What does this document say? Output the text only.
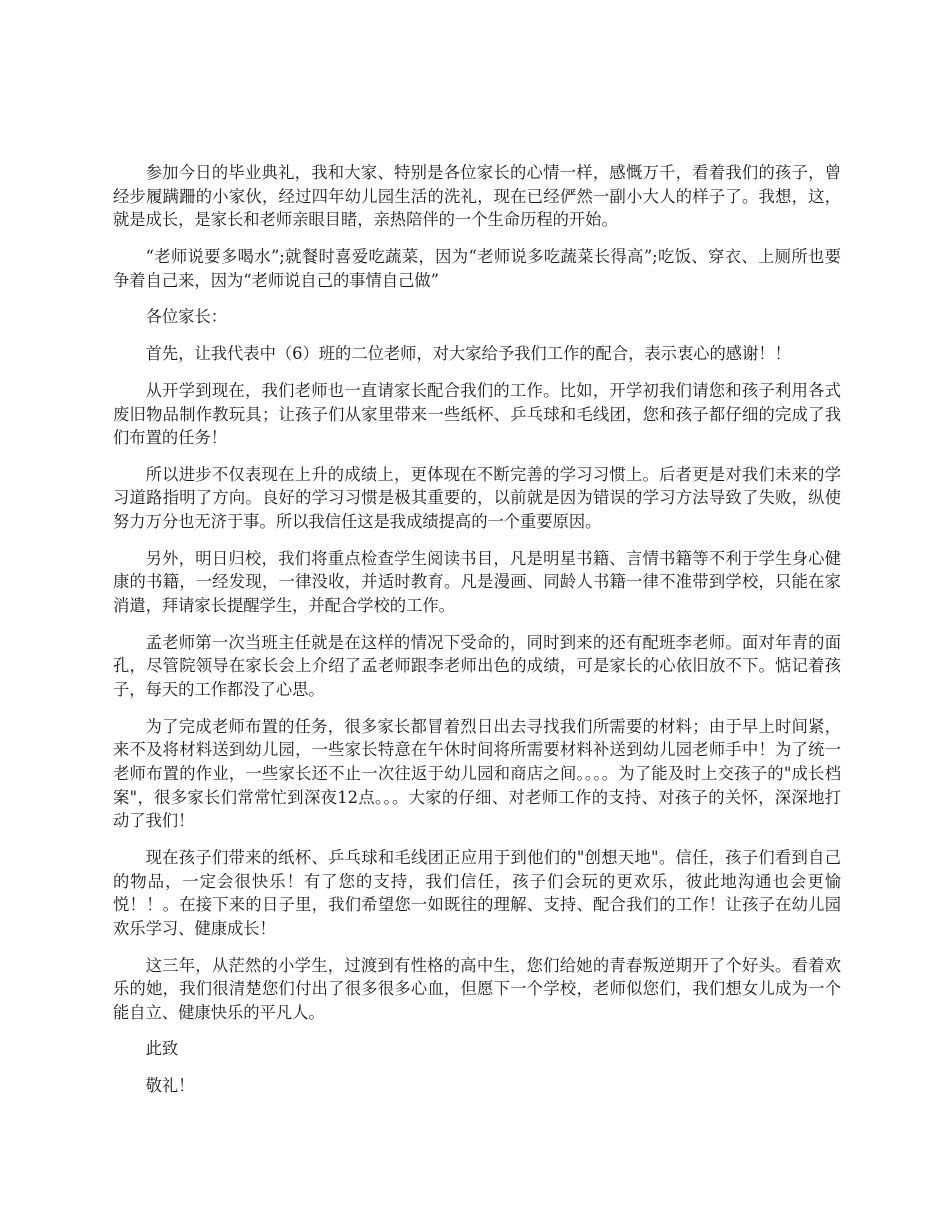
参加今日的毕业典礼，我和大家、特别是各位家长的心情一样，感慨万千，看着我们的孩子，曾经步履蹒跚的小家伙，经过四年幼儿园生活的洗礼，现在已经俨然一副小大人的样子了。我想，这，就是成长，是家长和老师亲眼目睹，亲热陪伴的一个生命历程的开始。

“老师说要多喝水”;就餐时喜爱吃蔬菜，因为“老师说多吃蔬菜长得高”;吃饭、穿衣、上厕所也要争着自己来，因为“老师说自己的事情自己做”

各位家长：

首先，让我代表中（6）班的二位老师，对大家给予我们工作的配合，表示衷心的感谢！！

从开学到现在，我们老师也一直请家长配合我们的工作。比如，开学初我们请您和孩子利用各式废旧物品制作教玩具；让孩子们从家里带来一些纸杯、乒乓球和毛线团，您和孩子都仔细的完成了我们布置的任务！

所以进步不仅表现在上升的成绩上，更体现在不断完善的学习习惯上。后者更是对我们未来的学习道路指明了方向。良好的学习习惯是极其重要的，以前就是因为错误的学习方法导致了失败，纵使努力万分也无济于事。所以我信任这是我成绩提高的一个重要原因。

另外，明日归校，我们将重点检查学生阅读书目，凡是明星书籍、言情书籍等不利于学生身心健康的书籍，一经发现，一律没收，并适时教育。凡是漫画、同龄人书籍一律不准带到学校，只能在家消遣，拜请家长提醒学生，并配合学校的工作。

孟老师第一次当班主任就是在这样的情况下受命的，同时到来的还有配班李老师。面对年青的面孔，尽管院领导在家长会上介绍了孟老师跟李老师出色的成绩，可是家长的心依旧放不下。惦记着孩子，每天的工作都没了心思。

为了完成老师布置的任务，很多家长都冒着烈日出去寻找我们所需要的材料；由于早上时间紧，来不及将材料送到幼儿园，一些家长特意在午休时间将所需要材料补送到幼儿园老师手中！为了统一老师布置的作业，一些家长还不止一次往返于幼儿园和商店之间。。。。为了能及时上交孩子的"成长档案"，很多家长们常常忙到深夜12点。。。大家的仔细、对老师工作的支持、对孩子的关怀，深深地打动了我们！

现在孩子们带来的纸杯、乒乓球和毛线团正应用于到他们的"创想天地"。信任，孩子们看到自己的物品，一定会很快乐！有了您的支持，我们信任，孩子们会玩的更欢乐，彼此地沟通也会更愉悦！！。在接下来的日子里，我们希望您一如既往的理解、支持、配合我们的工作！让孩子在幼儿园欢乐学习、健康成长！

这三年，从茫然的小学生，过渡到有性格的高中生，您们给她的青春叛逆期开了个好头。看着欢乐的她，我们很清楚您们付出了很多很多心血，但愿下一个学校，老师似您们，我们想女儿成为一个能自立、健康快乐的平凡人。

此致

敬礼！
